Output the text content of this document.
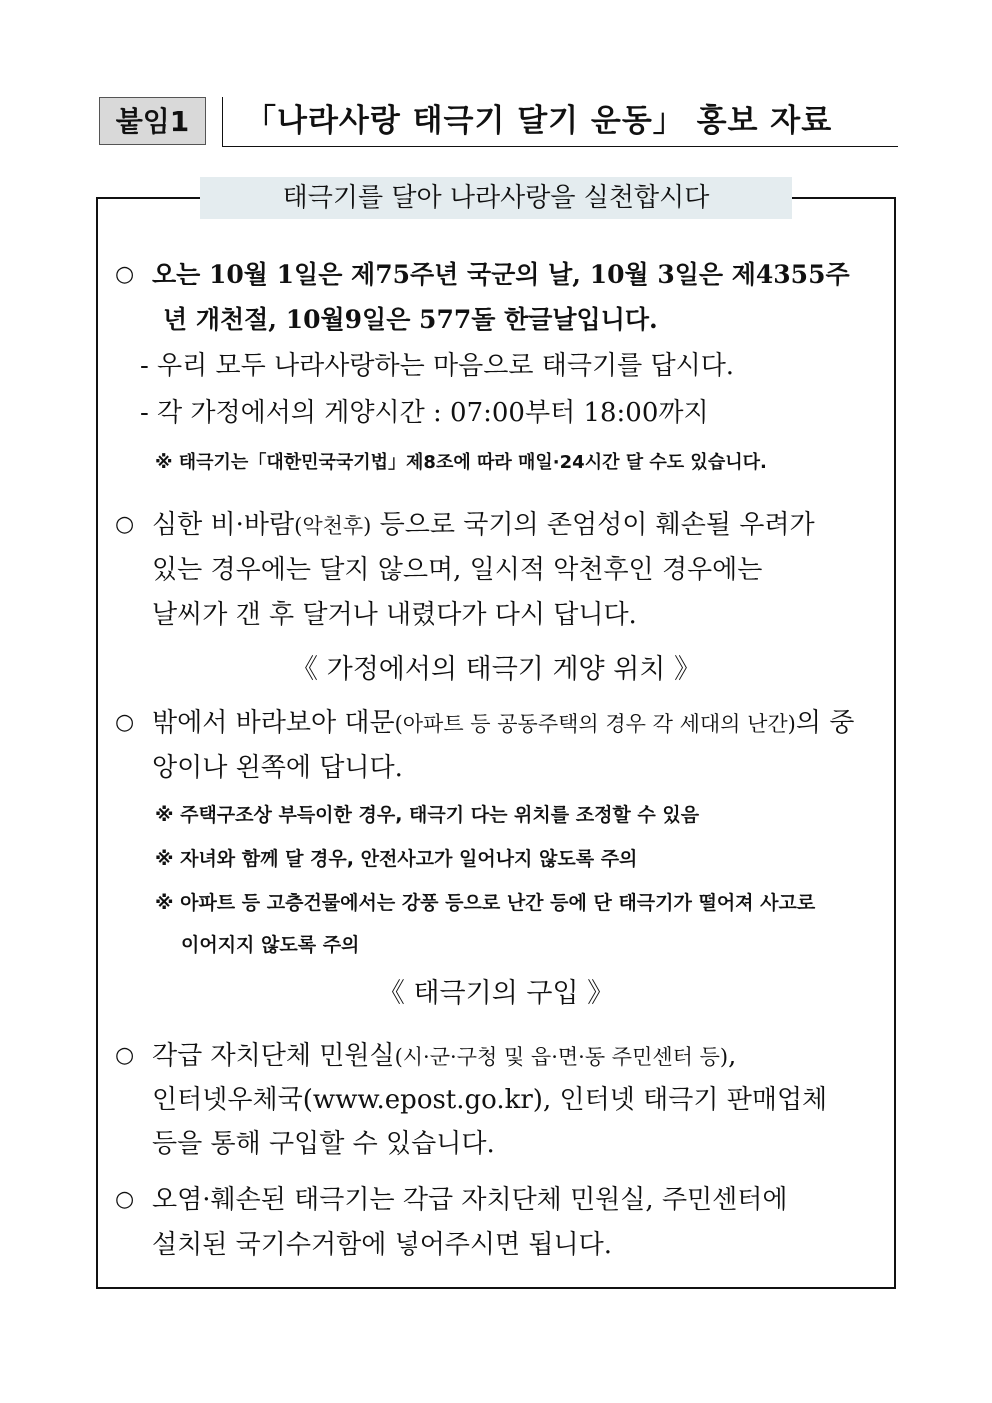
붙임1	「나라사랑 태극기 달기 운동」 홍보 자료
태극기를 달아 나라사랑을 실천합시다
○ 오는 10월 1일은 제75주년 국군의 날, 10월 3일은 제4355주
년 개천절, 10월9일은 577돌 한글날입니다.
- 우리 모두 나라사랑하는 마음으로 태극기를 답시다.
- 각 가정에서의 게양시간 : 07:00부터 18:00까지
※ 태극기는「대한민국국기법」제8조에 따라 매일·24시간 달 수도 있습니다.
○ 심한 비·바람(악천후) 등으로 국기의 존엄성이 훼손될 우려가
있는 경우에는 달지 않으며, 일시적 악천후인 경우에는
날씨가 갠 후 달거나 내렸다가 다시 답니다.
《 가정에서의 태극기 게양 위치 》
○ 밖에서 바라보아 대문(아파트 등 공동주택의 경우 각 세대의 난간)의 중
앙이나 왼쪽에 답니다.
※ 주택구조상 부득이한 경우, 태극기 다는 위치를 조정할 수 있음
※ 자녀와 함께 달 경우, 안전사고가 일어나지 않도록 주의
※ 아파트 등 고층건물에서는 강풍 등으로 난간 등에 단 태극기가 떨어져 사고로
이어지지 않도록 주의
《 태극기의 구입 》
○ 각급 자치단체 민원실(시·군·구청 및 읍·면·동 주민센터 등),
인터넷우체국(www.epost.go.kr), 인터넷 태극기 판매업체
등을 통해 구입할 수 있습니다.
○ 오염·훼손된 태극기는 각급 자치단체 민원실, 주민센터에
설치된 국기수거함에 넣어주시면 됩니다.
